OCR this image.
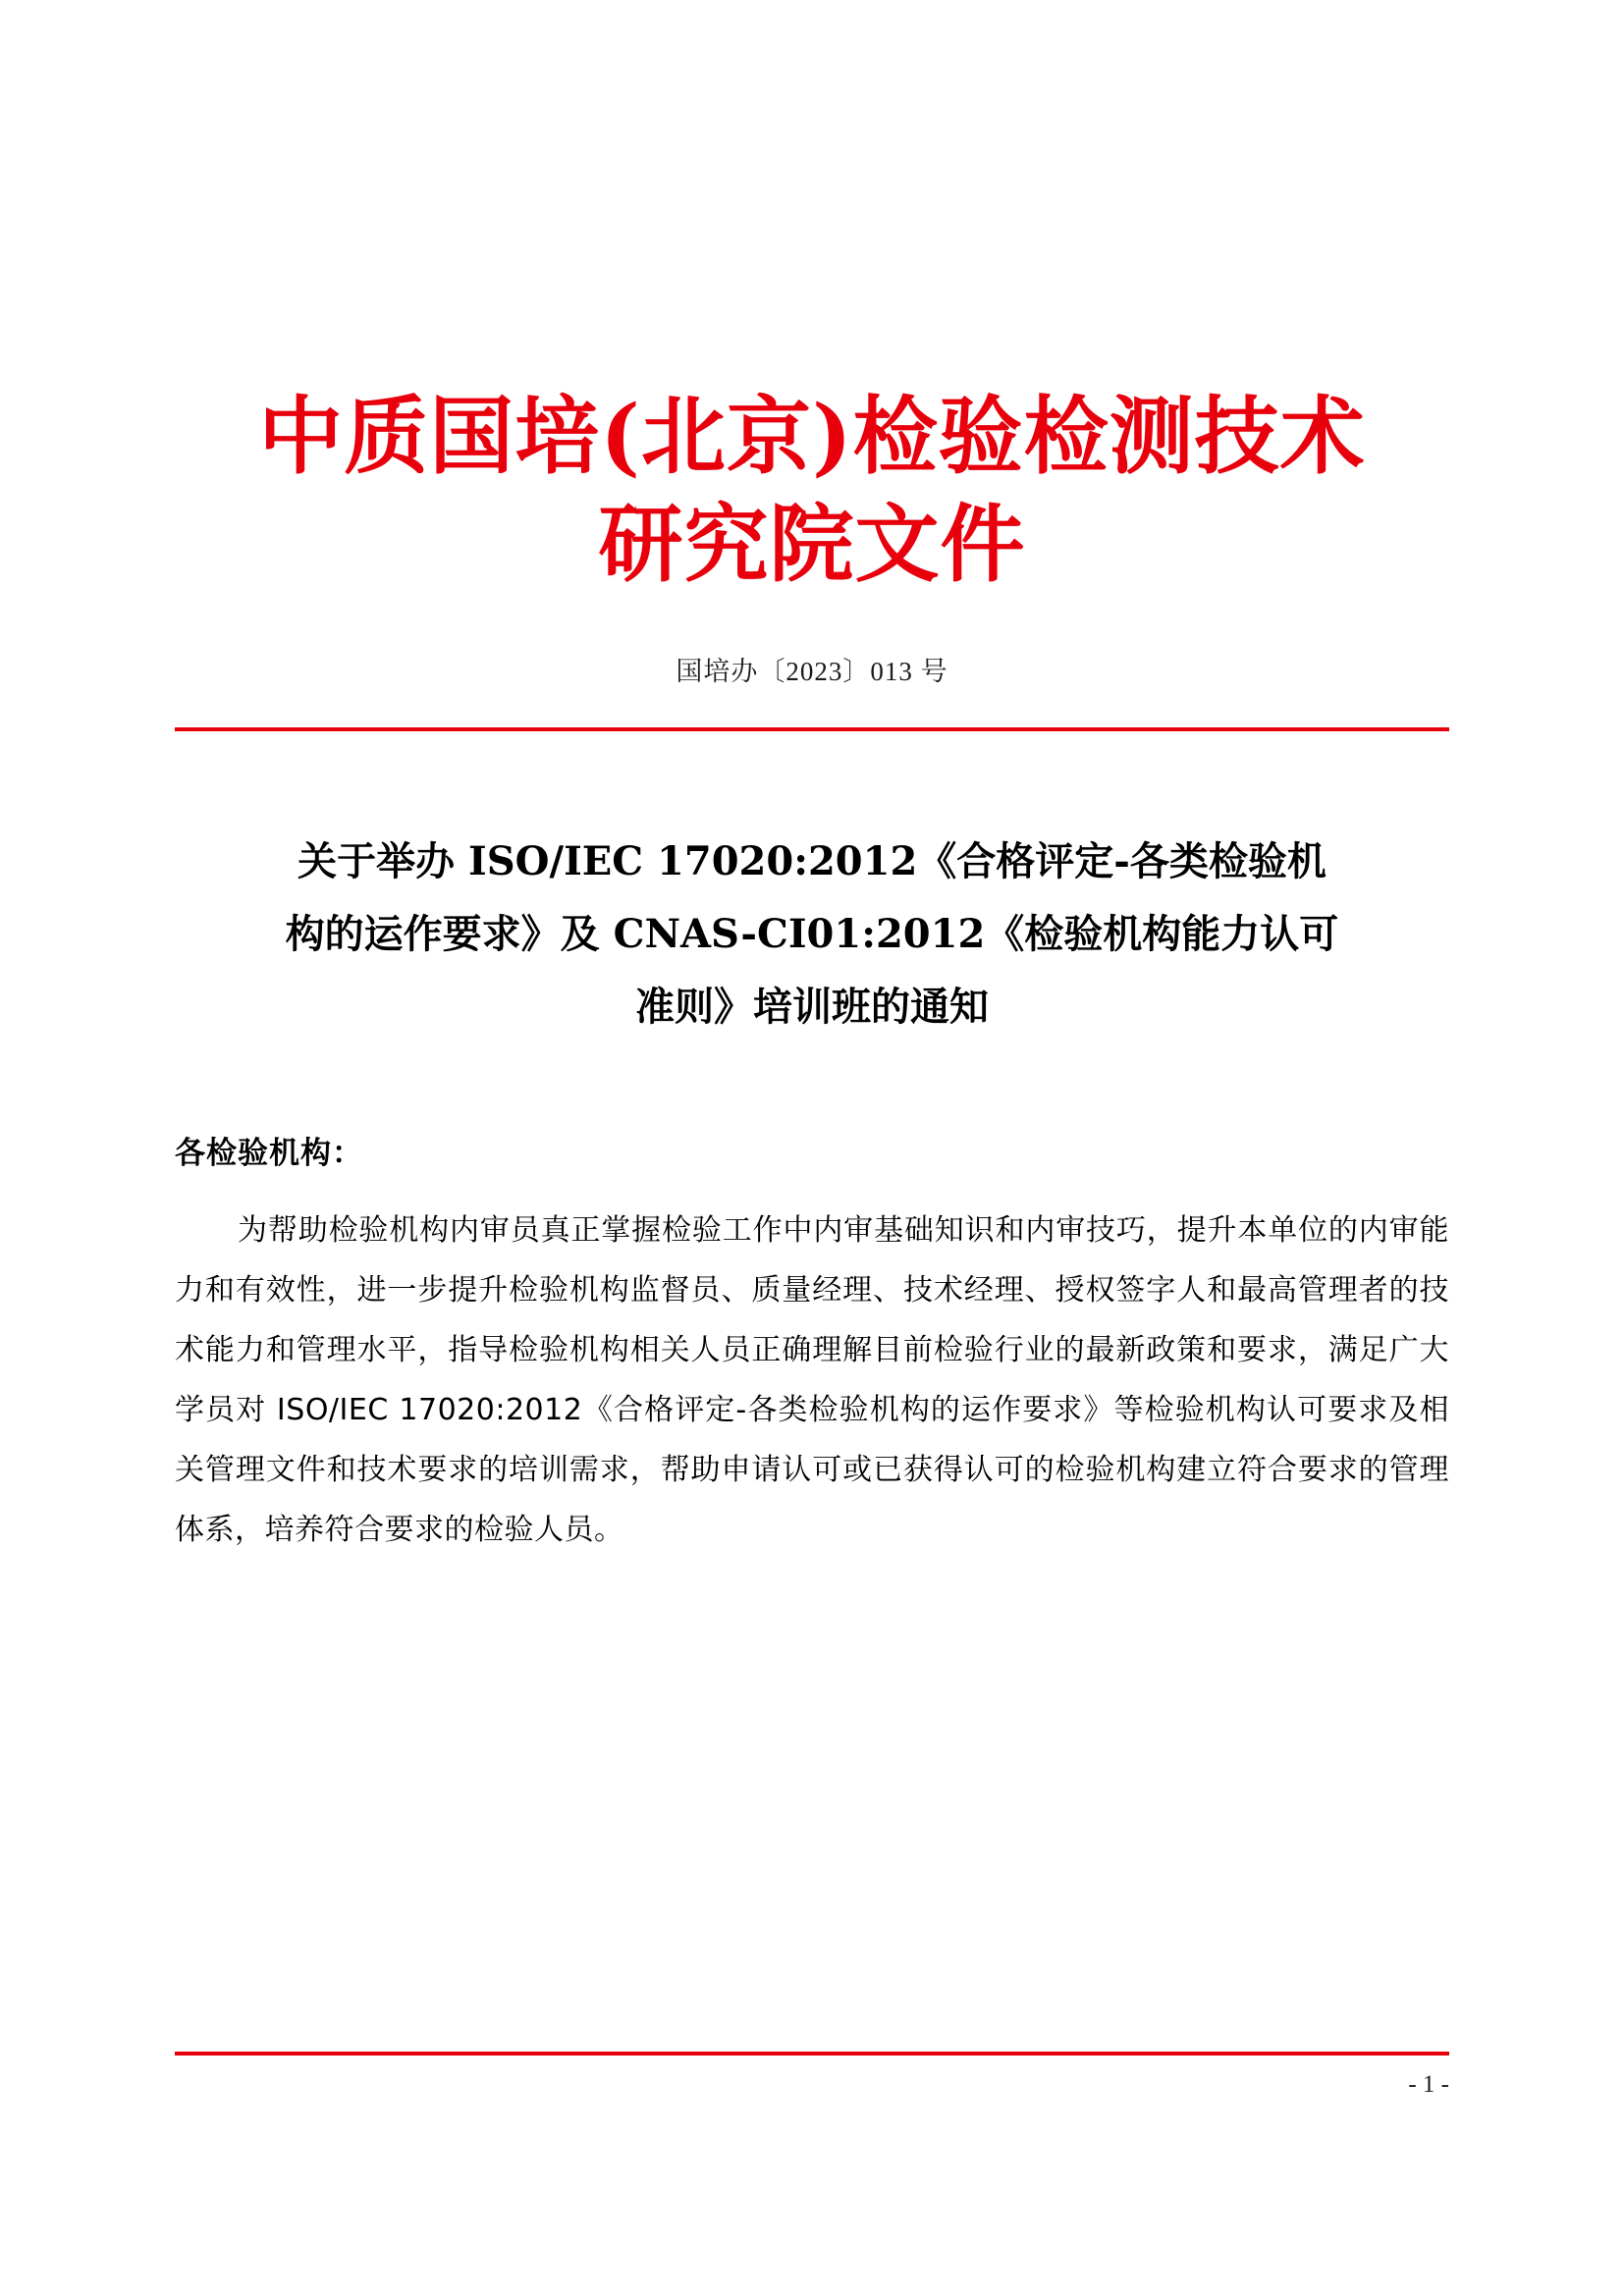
中质国培(北京)检验检测技术
研究院文件
国培办〔2023〕013 号
关于举办 ISO/IEC 17020:2012《合格评定-各类检验机
构的运作要求》及 CNAS-CI01:2012《检验机构能力认可
准则》培训班的通知
各检验机构：
为帮助检验机构内审员真正掌握检验工作中内审基础知识和内审技巧，提升本单位的内审能力和有效性，进一步提升检验机构监督员、质量经理、技术经理、授权签字人和最高管理者的技术能力和管理水平，指导检验机构相关人员正确理解目前检验行业的最新政策和要求，满足广大学员对 ISO/IEC 17020:2012《合格评定-各类检验机构的运作要求》等检验机构认可要求及相关管理文件和技术要求的培训需求，帮助申请认可或已获得认可的检验机构建立符合要求的管理体系，培养符合要求的检验人员。
- 1 -
